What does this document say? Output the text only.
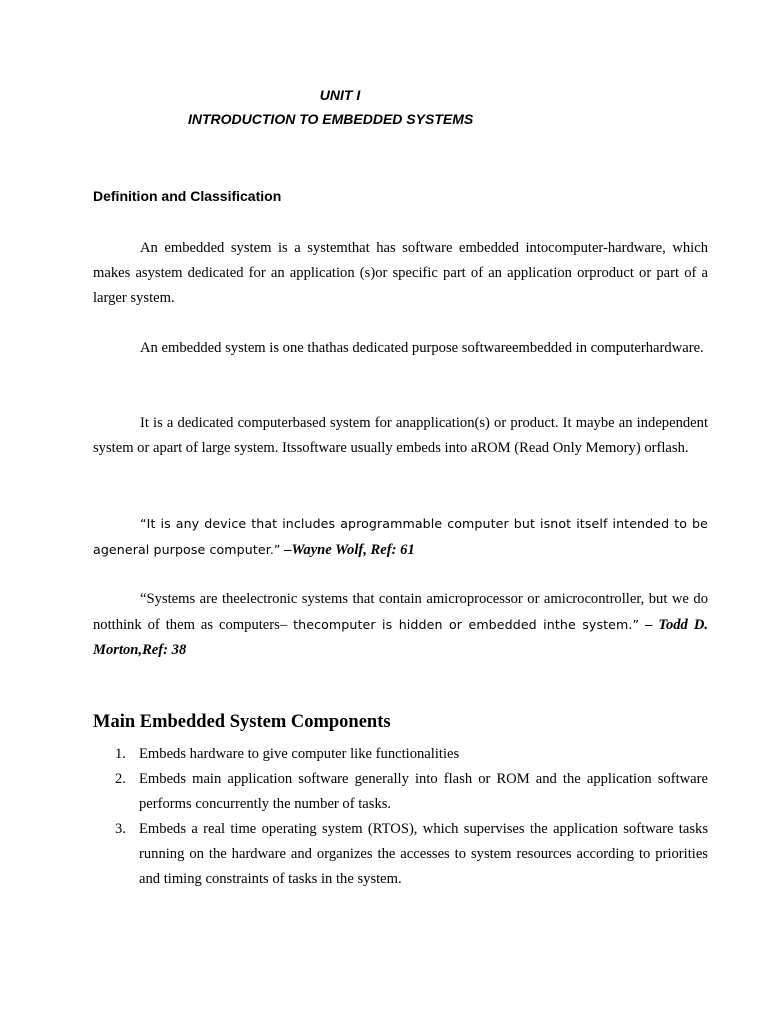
UNIT I
INTRODUCTION TO EMBEDDED SYSTEMS
Definition and Classification

An embedded system is a systemthat has software embedded intocomputer-hardware, which makes asystem dedicated for an application (s)or specific part of an application orproduct or part of a larger system.

An embedded system is one thathas dedicated purpose softwareembedded in computerhardware.

It is a dedicated computerbased system for anapplication(s) or product. It maybe an independent system or apart of large system. Itssoftware usually embeds into aROM (Read Only Memory) orflash.

“It is any device that includes aprogrammable computer but isnot itself intended to be ageneral purpose computer.” –Wayne Wolf, Ref: 61

“Systems are theelectronic systems that contain amicroprocessor or amicrocontroller, but we do notthink of them as computers– thecomputer is hidden or embedded inthe system.” – Todd D. Morton,Ref: 38

Main Embedded System Components
1. Embeds hardware to give computer like functionalities
2. Embeds main application software generally into flash or ROM and the application software performs concurrently the number of tasks.
3. Embeds a real time operating system (RTOS), which supervises the application software tasks running on the hardware and organizes the accesses to system resources according to priorities and timing constraints of tasks in the system.
